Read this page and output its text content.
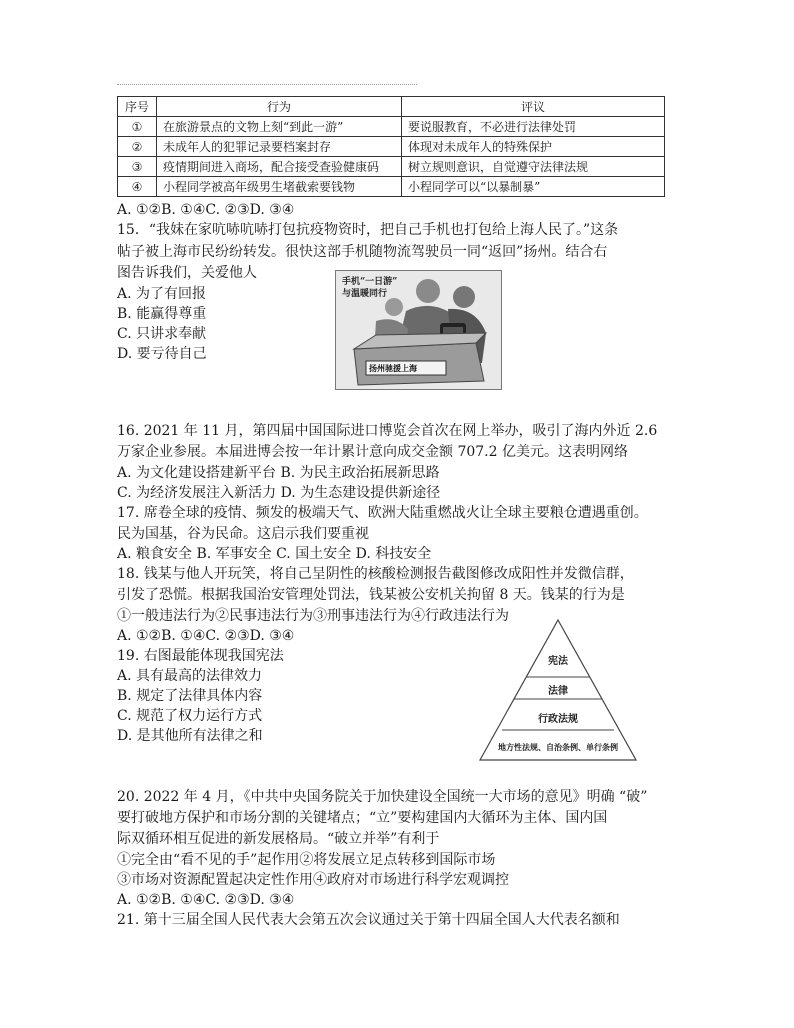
序号	行为	评议
①	在旅游景点的文物上刻“到此一游”	要说服教育，不必进行法律处罚
②	未成年人的犯罪记录要档案封存	体现对未成年人的特殊保护
③	疫情期间进入商场，配合接受查验健康码	树立规则意识，自觉遵守法律法规
④	小程同学被高年级男生堵截索要钱物	小程同学可以“以暴制暴”
A. ①②B. ①④C. ②③D. ③④
15．“我妹在家吭哧吭哧打包抗疫物资时，把自己手机也打包给上海人民了。”这条
帖子被上海市民纷纷转发。很快这部手机随物流驾驶员一同“返回”扬州。结合右
图告诉我们，关爱他人
A. 为了有回报
B. 能赢得尊重
C. 只讲求奉献
D. 要亏待自己
手机“一日游”
与温暖同行
扬州驰援上海
16. 2021 年 11 月，第四届中国国际进口博览会首次在网上举办，吸引了海内外近 2.6
万家企业参展。本届进博会按一年计累计意向成交金额 707.2 亿美元。这表明网络
A. 为文化建设搭建新平台 B. 为民主政治拓展新思路
C. 为经济发展注入新活力 D. 为生态建设提供新途径
17. 席卷全球的疫情、频发的极端天气、欧洲大陆重燃战火让全球主要粮仓遭遇重创。
民为国基，谷为民命。这启示我们要重视
A. 粮食安全 B. 军事安全 C. 国土安全 D. 科技安全
18. 钱某与他人开玩笑，将自己呈阴性的核酸检测报告截图修改成阳性并发微信群，
引发了恐慌。根据我国治安管理处罚法，钱某被公安机关拘留 8 天。钱某的行为是
①一般违法行为②民事违法行为③刑事违法行为④行政违法行为
A. ①②B. ①④C. ②③D. ③④
19. 右图最能体现我国宪法
A. 具有最高的法律效力
B. 规定了法律具体内容
C. 规范了权力运行方式
D. 是其他所有法律之和
宪法
法律
行政法规
地方性法规、自治条例、单行条例
20. 2022 年 4 月，《中共中央国务院关于加快建设全国统一大市场的意见》明确 “破”
要打破地方保护和市场分割的关键堵点；“立”要构建国内大循环为主体、国内国
际双循环相互促进的新发展格局。“破立并举”有利于
①完全由“看不见的手”起作用②将发展立足点转移到国际市场
③市场对资源配置起决定性作用④政府对市场进行科学宏观调控
A. ①②B. ①④C. ②③D. ③④
21. 第十三届全国人民代表大会第五次会议通过关于第十四届全国人大代表名额和
